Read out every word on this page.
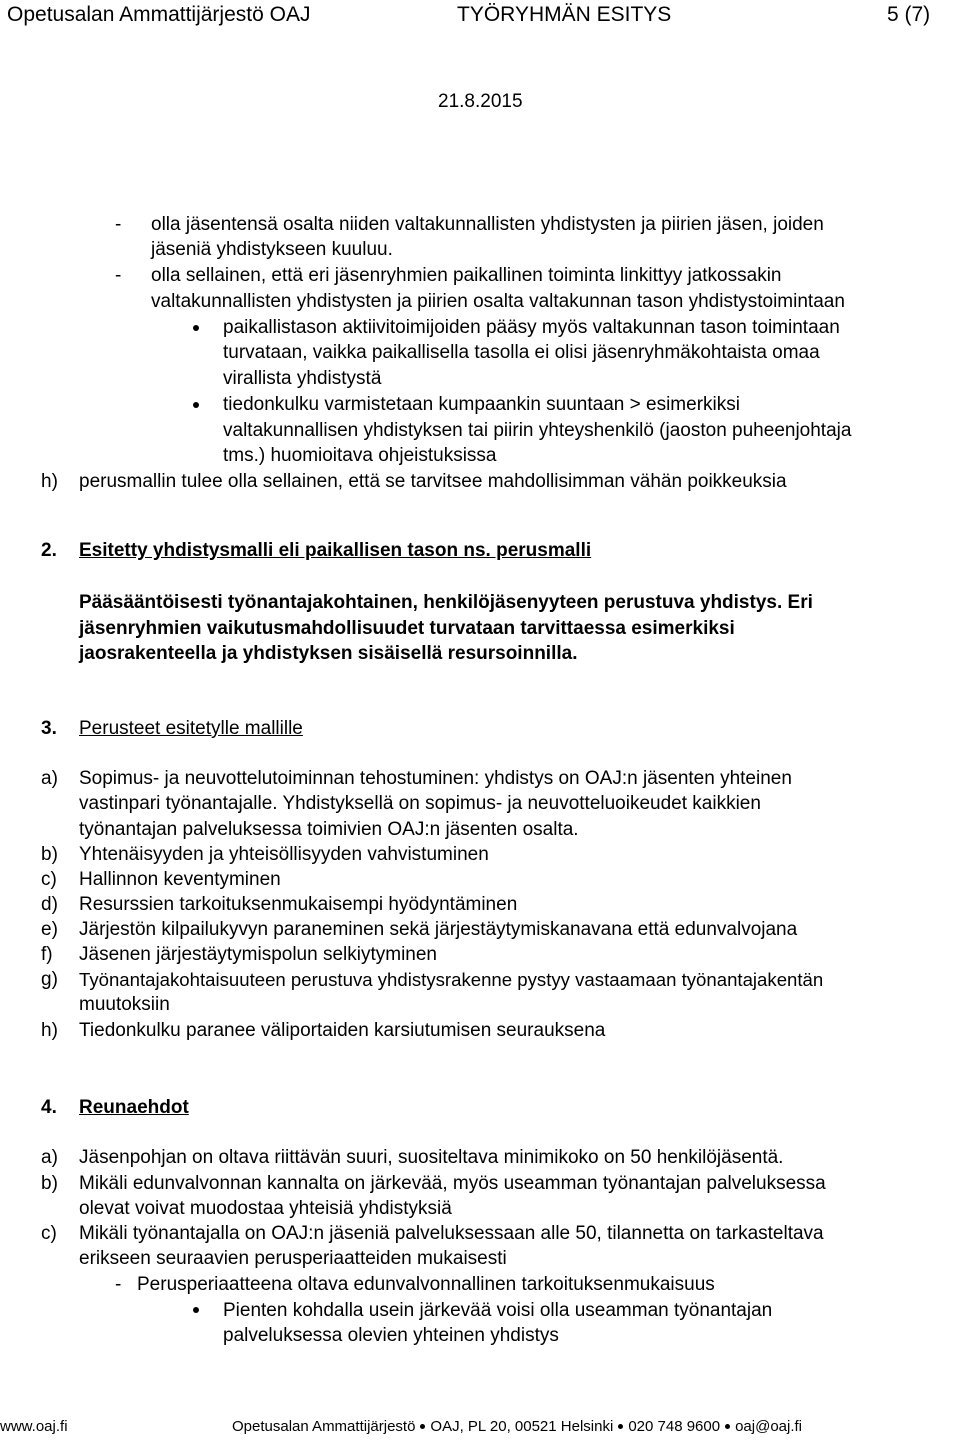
Opetusalan Ammattijärjestö OAJ	TYÖRYHMÄN ESITYS	5 (7)
21.8.2015
- olla jäsentensä osalta niiden valtakunnallisten yhdistysten ja piirien jäsen, joiden
jäseniä yhdistykseen kuuluu.
- olla sellainen, että eri jäsenryhmien paikallinen toiminta linkittyy jatkossakin
valtakunnallisten yhdistysten ja piirien osalta valtakunnan tason yhdistystoimintaan
paikallistason aktiivitoimijoiden pääsy myös valtakunnan tason toimintaan
turvataan, vaikka paikallisella tasolla ei olisi jäsenryhmäkohtaista omaa
virallista yhdistystä
tiedonkulku varmistetaan kumpaankin suuntaan > esimerkiksi
valtakunnallisen yhdistyksen tai piirin yhteyshenkilö (jaoston puheenjohtaja
tms.) huomioitava ohjeistuksissa
h) perusmallin tulee olla sellainen, että se tarvitsee mahdollisimman vähän poikkeuksia
2. Esitetty yhdistysmalli eli paikallisen tason ns. perusmalli
Pääsääntöisesti työnantajakohtainen, henkilöjäsenyyteen perustuva yhdistys. Eri
jäsenryhmien vaikutusmahdollisuudet turvataan tarvittaessa esimerkiksi
jaosrakenteella ja yhdistyksen sisäisellä resursoinnilla.
3. Perusteet esitetylle mallille
a) Sopimus- ja neuvottelutoiminnan tehostuminen: yhdistys on OAJ:n jäsenten yhteinen
vastinpari työnantajalle. Yhdistyksellä on sopimus- ja neuvotteluoikeudet kaikkien
työnantajan palveluksessa toimivien OAJ:n jäsenten osalta.
b) Yhtenäisyyden ja yhteisöllisyyden vahvistuminen
c) Hallinnon keventyminen
d) Resurssien tarkoituksenmukaisempi hyödyntäminen
e) Järjestön kilpailukyvyn paraneminen sekä järjestäytymiskanavana että edunvalvojana
f) Jäsenen järjestäytymispolun selkiytyminen
g) Työnantajakohtaisuuteen perustuva yhdistysrakenne pystyy vastaamaan työnantajakentän
muutoksiin
h) Tiedonkulku paranee väliportaiden karsiutumisen seurauksena
4. Reunaehdot
a) Jäsenpohjan on oltava riittävän suuri, suositeltava minimikoko on 50 henkilöjäsentä.
b) Mikäli edunvalvonnan kannalta on järkevää, myös useamman työnantajan palveluksessa
olevat voivat muodostaa yhteisiä yhdistyksiä
c) Mikäli työnantajalla on OAJ:n jäseniä palveluksessaan alle 50, tilannetta on tarkasteltava
erikseen seuraavien perusperiaatteiden mukaisesti
- Perusperiaatteena oltava edunvalvonnallinen tarkoituksenmukaisuus
Pienten kohdalla usein järkevää voisi olla useamman työnantajan
palveluksessa olevien yhteinen yhdistys
www.oaj.fi	Opetusalan Ammattijärjestö OAJ, PL 20, 00521 Helsinki 020 748 9600 oaj@oaj.fi
